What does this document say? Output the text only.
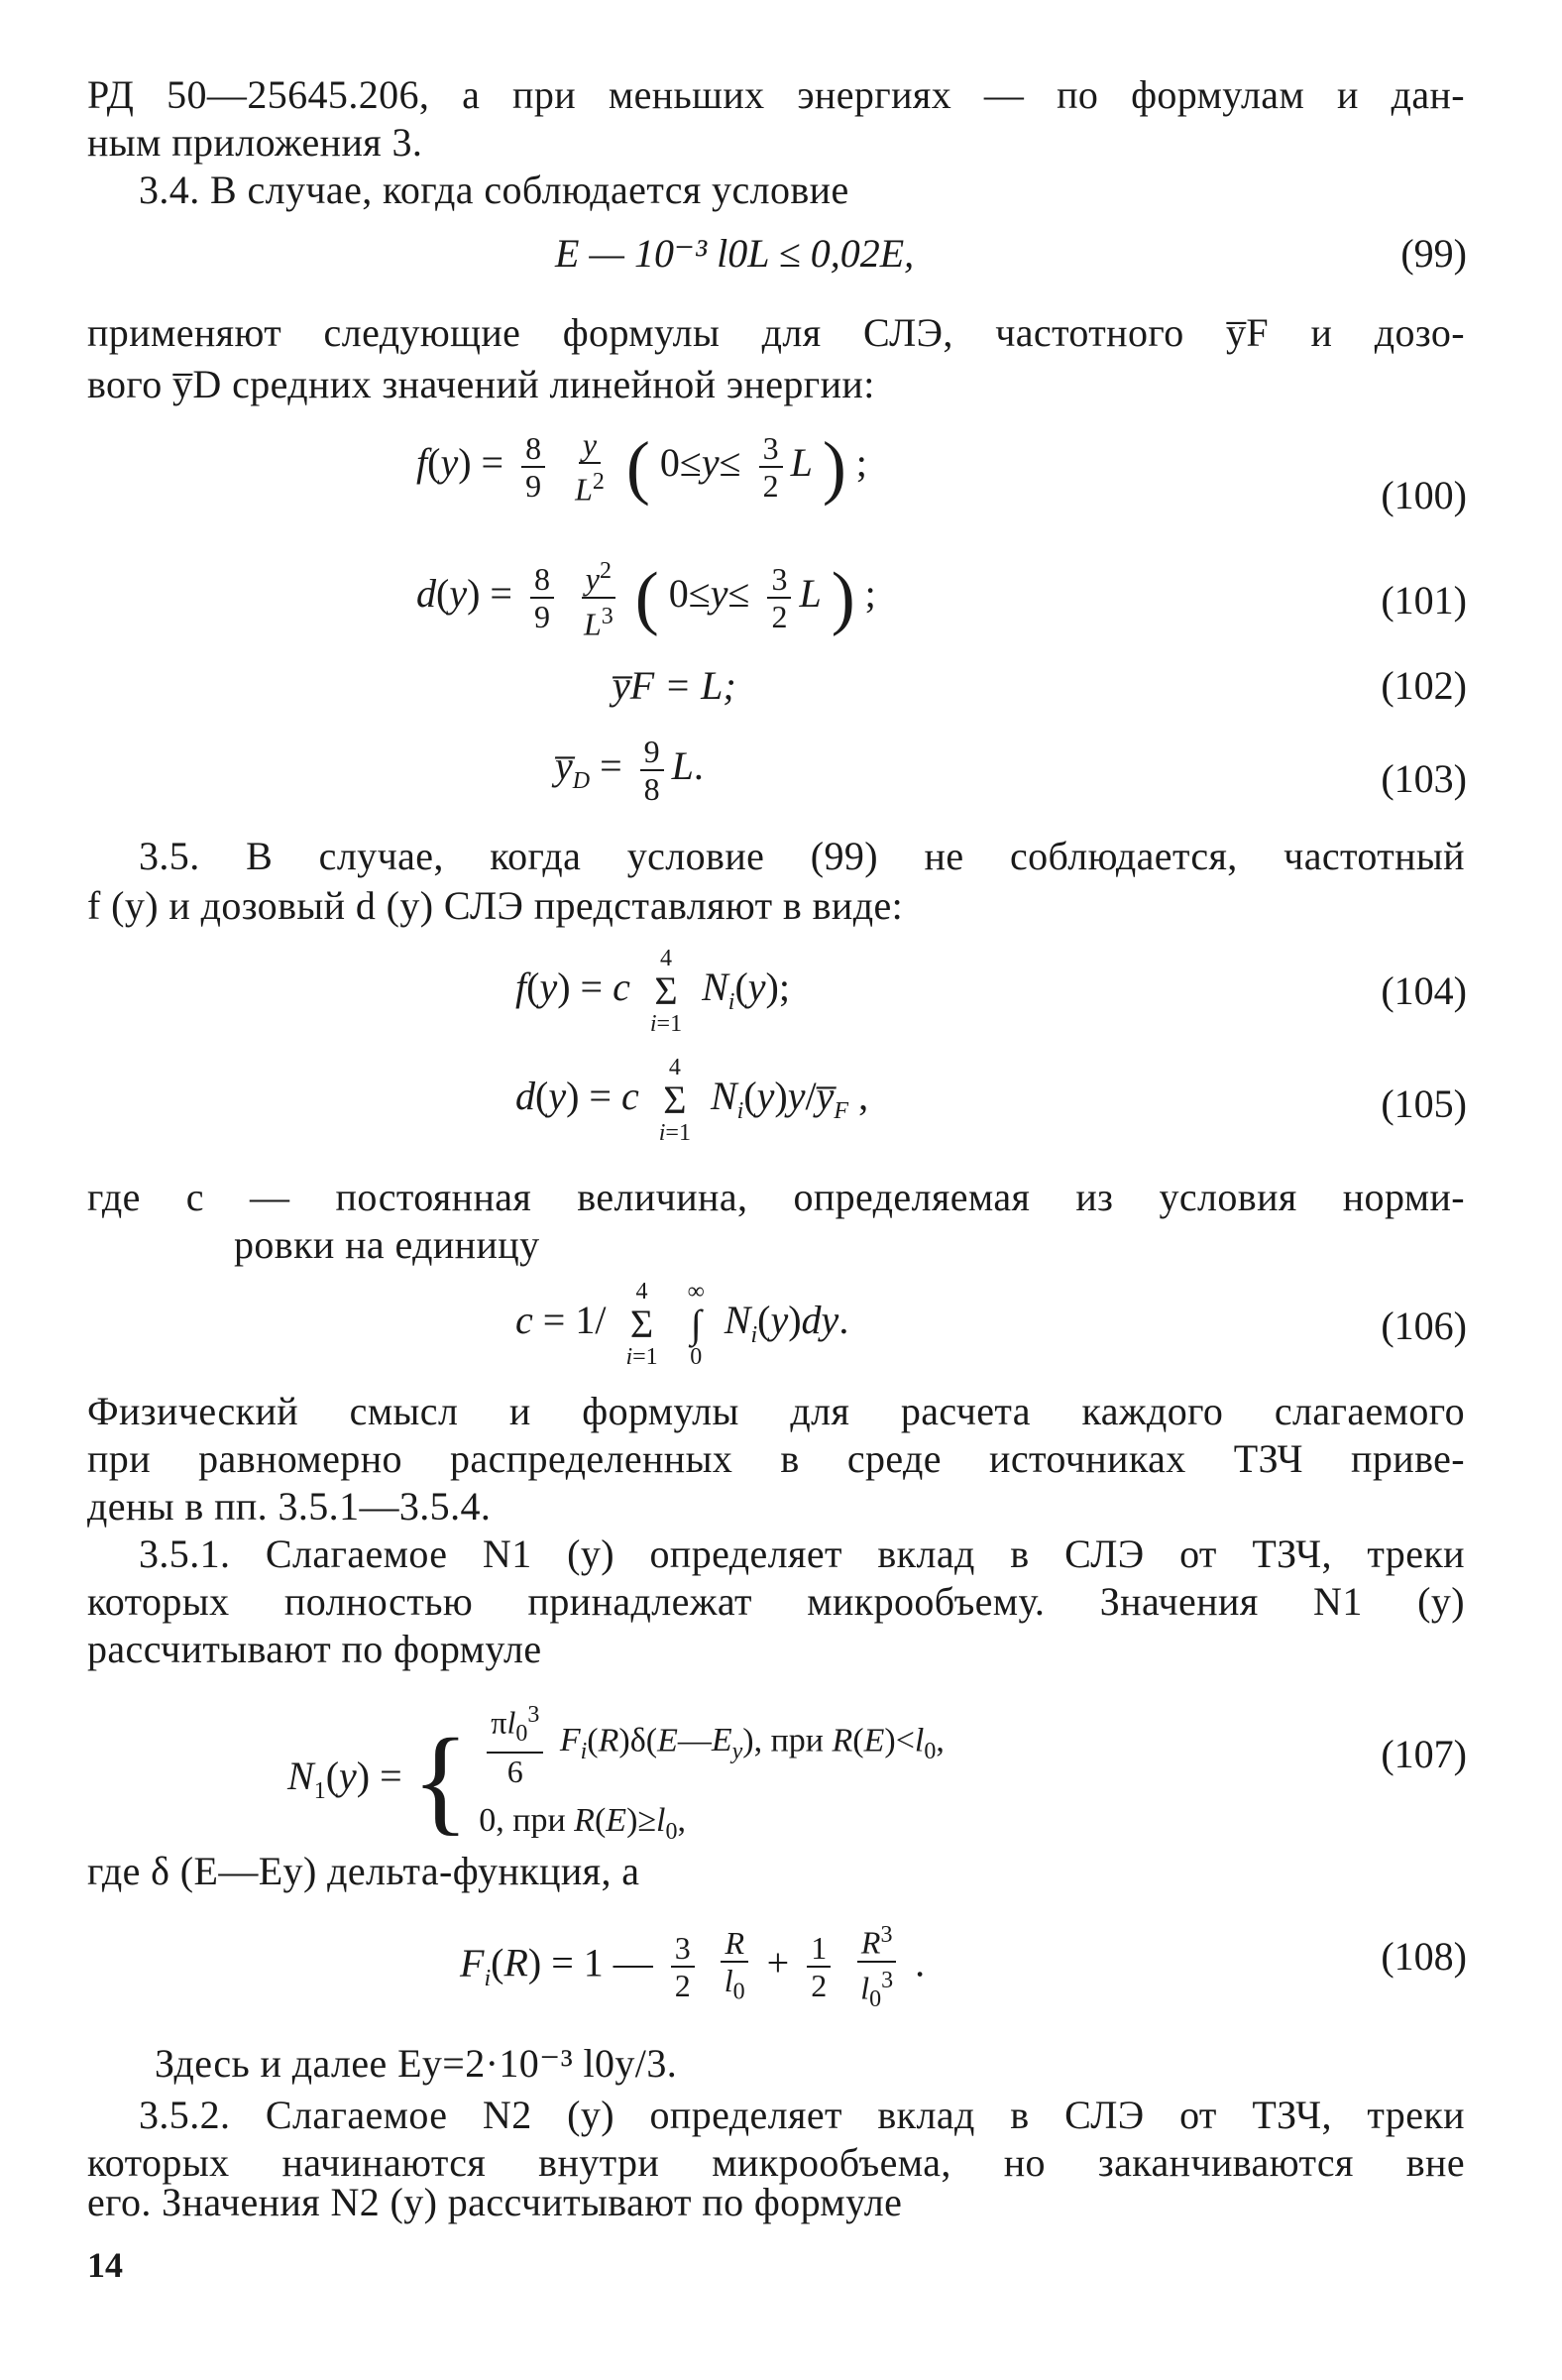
РД 50—25645.206, а при меньших энергиях — по формулам и дан-
ным приложения 3.
3.4. В случае, когда соблюдается условие
E — 10⁻³ l0L ≤ 0,02E,	(99)
применяют следующие формулы для СЛЭ, частотного y̅F и дозо-
вого y̅D средних значений линейной энергии:
$f(y) = \frac{8}{9}$
$\frac{y}{L^2}$ ( $0\le y\le \frac{3}{2}$ L ) ;
(100)
$d(y) = \frac{8}{9}$
$\frac{y^2}{L^3}$ ( $0\le y\le \frac{3}{2}$ L ) ;	(101)
y̅F = L;	(102)
$y̅_D = \frac{9}{8} L$.	(103)
3.5. В случае, когда условие (99) не соблюдается, частотный
f (y) и дозовый d (y) СЛЭ представляют в виде:
f(y) = c
4
Σ
i=1
$N_i(y)$;	(104)
d(y) = c
4
Σ
i=1
$N_i(y)y/y̅_F$ ,	(105)
где c — постоянная величина, определяемая из условия норми-
ровки на единицу
c = 1/
4
Σ
i=1

∞
∫
0
$N_i(y)dy$.	(106)
Физический смысл и формулы для расчета каждого слагаемого
при равномерно распределенных в среде источниках ТЗЧ приве-
дены в пп. 3.5.1—3.5.4.
3.5.1. Слагаемое N1 (y) определяет вклад в СЛЭ от ТЗЧ, треки
которых полностью принадлежат микрообъему. Значения N1 (y)
рассчитывают по формуле
$N_1(y)$ = { $\frac{\pi l_0^3}{6}$ $F_i(R)\delta(E—E_y)$, при $R(E)<l_0$,
0, при $R(E)\ge l_0$,
(107)
где δ (E—Ey) дельта-функция, а
$F_i(R) = 1$ — $\frac{3}{2}$
$\frac{R}{l_0} + \frac{1}{2}$
$\frac{R^3}{l_0^3}$ .	(108)
Здесь и далее Ey=2·10⁻³ l0y/3.
3.5.2. Слагаемое N2 (y) определяет вклад в СЛЭ от ТЗЧ, треки
которых начинаются внутри микрообъема, но заканчиваются вне
его. Значения N2 (y) рассчитывают по формуле
14
